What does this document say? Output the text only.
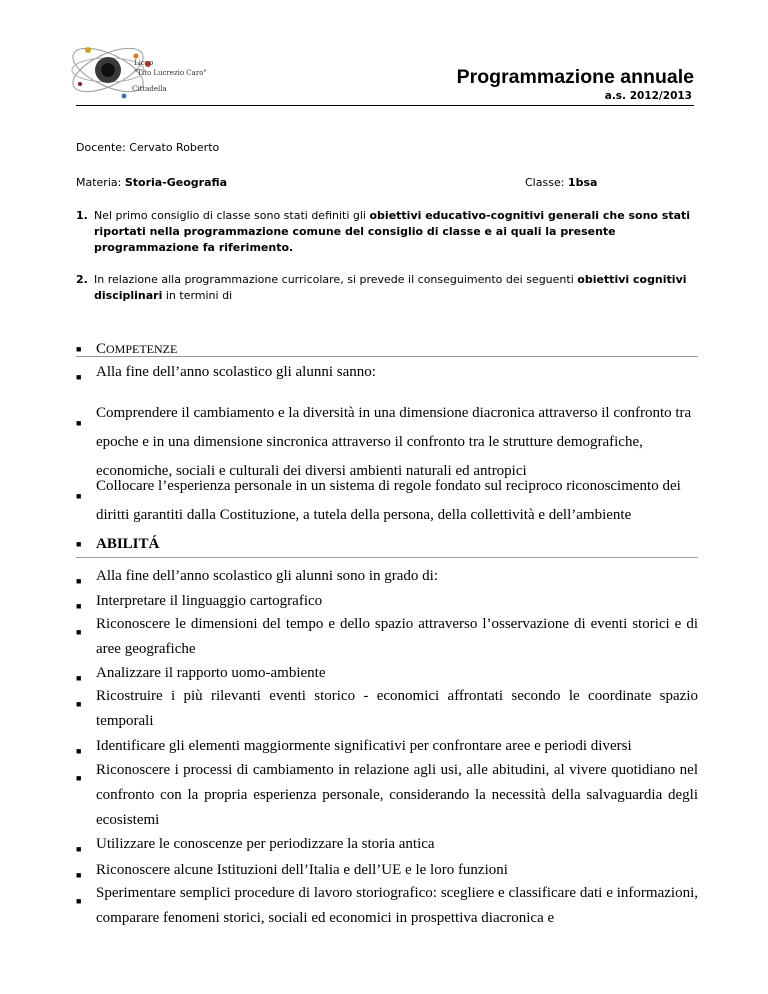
Liceo
"Tito Lucrezio Caro"
Cittadella
Programmazione annuale
a.s. 2012/2013
Docente: Cervato Roberto
Materia: Storia-Geografia	Classe: 1bsa
1. Nel primo consiglio di classe sono stati definiti gli obiettivi educativo-cognitivi generali che sono stati riportati nella programmazione comune del consiglio di classe e ai quali la presente programmazione fa riferimento.
2. In relazione alla programmazione curricolare, si prevede il conseguimento dei seguenti obiettivi cognitivi disciplinari in termini di
■ COMPETENZE
■ Alla fine dell’anno scolastico gli alunni sanno:
■
Comprendere il cambiamento e la diversità in una dimensione diacronica attraverso il confronto tra epoche e in una dimensione sincronica attraverso il confronto tra le strutture demografiche, economiche, sociali e culturali dei diversi ambienti naturali ed antropici
■
Collocare l’esperienza personale in un sistema di regole fondato sul reciproco riconoscimento dei diritti garantiti dalla Costituzione, a tutela della persona, della collettività e dell’ambiente
■ ABILITÁ
■ Alla fine dell’anno scolastico gli alunni sono in grado di:
■ Interpretare il linguaggio cartografico
■ Riconoscere le dimensioni del tempo e dello spazio attraverso l’osservazione di eventi storici e di aree geografiche
■ Analizzare il rapporto uomo-ambiente
■ Ricostruire i più rilevanti eventi storico - economici affrontati secondo le coordinate spazio temporali
■ Identificare gli elementi maggiormente significativi per confrontare aree e periodi diversi
■ Riconoscere i processi di cambiamento in relazione agli usi, alle abitudini, al vivere quotidiano nel confronto con la propria esperienza personale, considerando la necessità della salvaguardia degli ecosistemi
■ Utilizzare le conoscenze per periodizzare la storia antica
■ Riconoscere alcune Istituzioni dell’Italia e dell’UE e le loro funzioni
■ Sperimentare semplici procedure di lavoro storiografico: scegliere e classificare dati e informazioni, comparare fenomeni storici, sociali ed economici in prospettiva diacronica e
